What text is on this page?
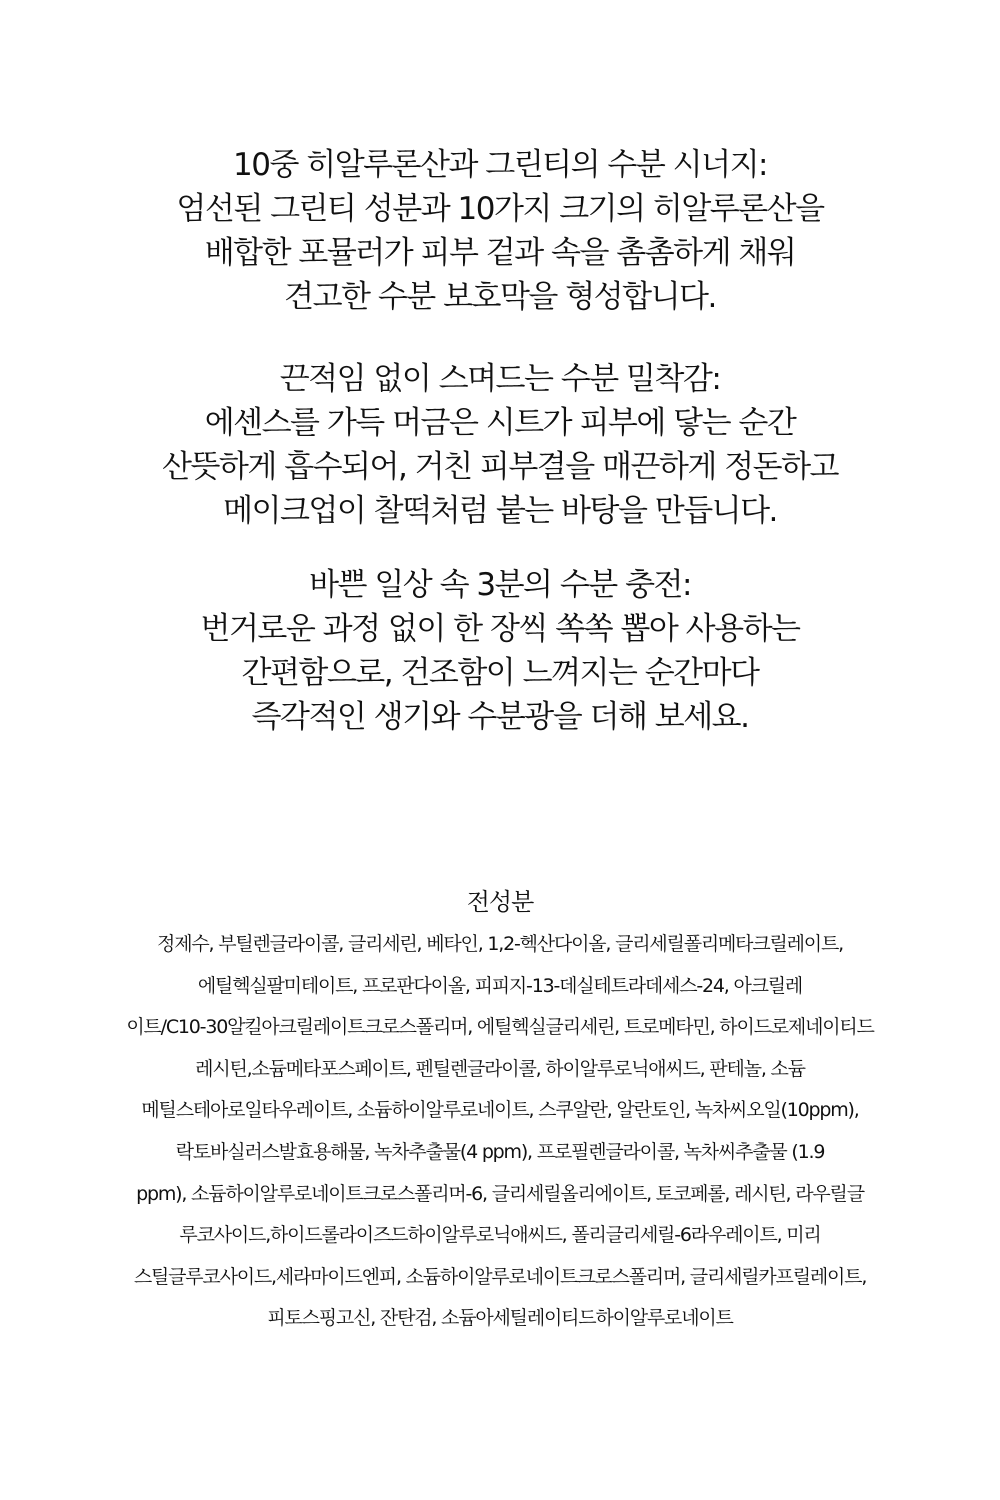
10중 히알루론산과 그린티의 수분 시너지:
엄선된 그린티 성분과 10가지 크기의 히알루론산을
배합한 포뮬러가 피부 겉과 속을 촘촘하게 채워
견고한 수분 보호막을 형성합니다.
끈적임 없이 스며드는 수분 밀착감:
에센스를 가득 머금은 시트가 피부에 닿는 순간
산뜻하게 흡수되어, 거친 피부결을 매끈하게 정돈하고
메이크업이 찰떡처럼 붙는 바탕을 만듭니다.
바쁜 일상 속 3분의 수분 충전:
번거로운 과정 없이 한 장씩 쏙쏙 뽑아 사용하는
간편함으로, 건조함이 느껴지는 순간마다
즉각적인 생기와 수분광을 더해 보세요.
전성분
정제수, 부틸렌글라이콜, 글리세린, 베타인, 1,2-헥산다이올, 글리세릴폴리메타크릴레이트,
에틸헥실팔미테이트, 프로판다이올, 피피지-13-데실테트라데세스-24, 아크릴레
이트/C10-30알킬아크릴레이트크로스폴리머, 에틸헥실글리세린, 트로메타민, 하이드로제네이티드
레시틴,소듐메타포스페이트, 펜틸렌글라이콜, 하이알루로닉애씨드, 판테놀, 소듐
메틸스테아로일타우레이트, 소듐하이알루로네이트, 스쿠알란, 알란토인, 녹차씨오일(10ppm),
락토바실러스발효용해물, 녹차추출물(4 ppm), 프로필렌글라이콜, 녹차씨추출물 (1.9
ppm), 소듐하이알루로네이트크로스폴리머-6, 글리세릴올리에이트, 토코페롤, 레시틴, 라우릴글
루코사이드,하이드롤라이즈드하이알루로닉애씨드, 폴리글리세릴-6라우레이트, 미리
스틸글루코사이드,세라마이드엔피, 소듐하이알루로네이트크로스폴리머, 글리세릴카프릴레이트,
피토스핑고신, 잔탄검, 소듐아세틸레이티드하이알루로네이트
